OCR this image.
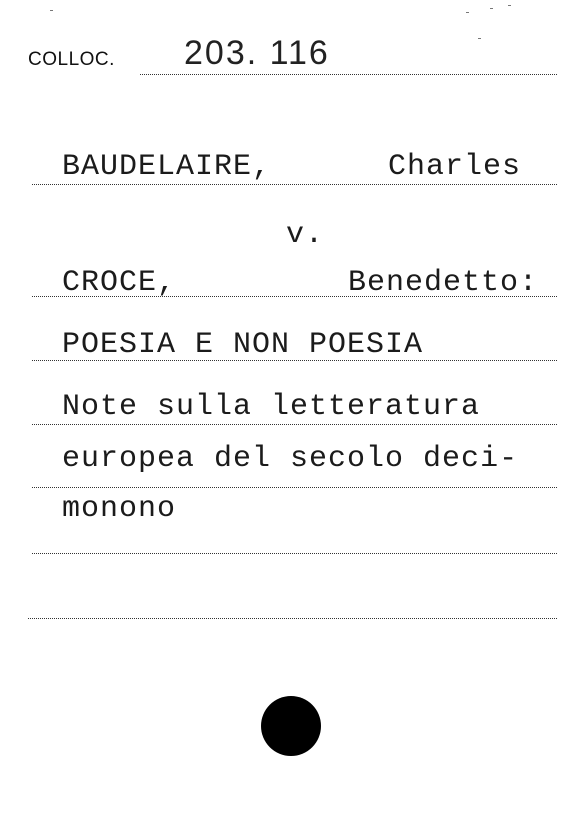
COLLOC. 203. 116
BAUDELAIRE,	Charles
v.
CROCE,	Benedetto:
POESIA E NON POESIA
Note sulla letteratura
europea del secolo deci-
monono
